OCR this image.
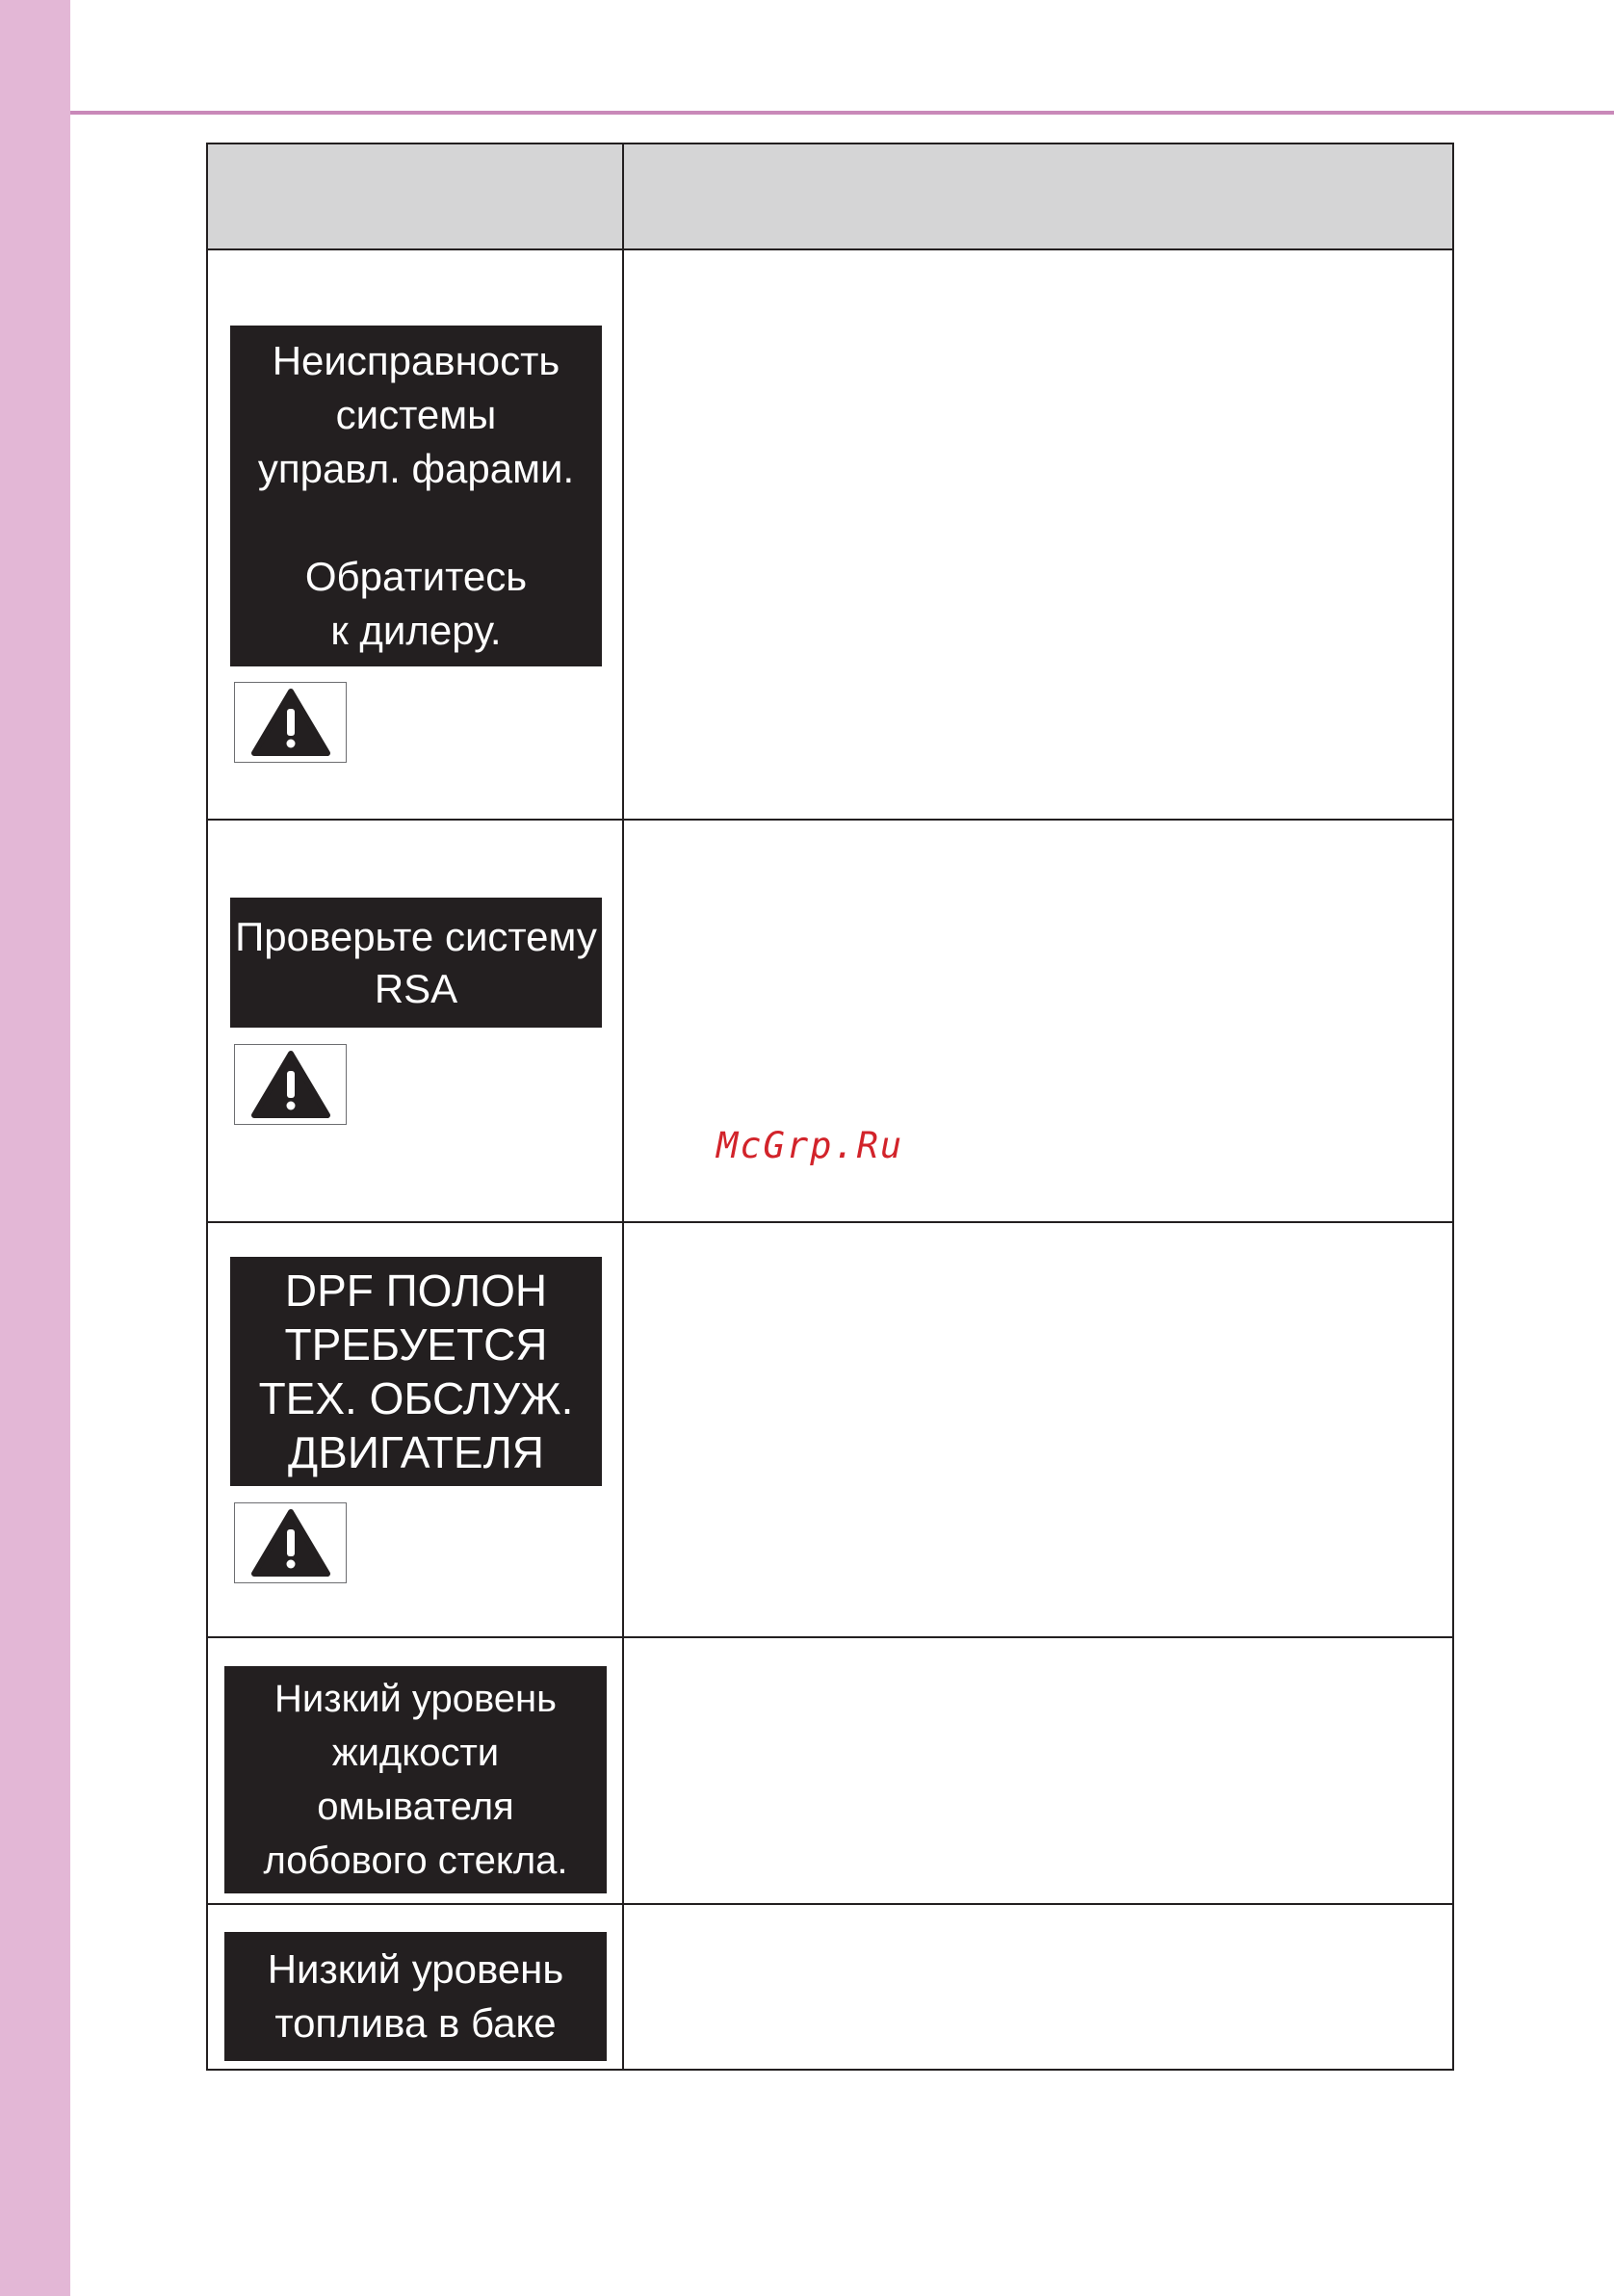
Неисправность
системы
управл. фарами.

Обратитесь
к дилеру.	

Проверьте систему
RSA	

DPF ПОЛОН
ТРЕБУЕТСЯ
ТЕХ. ОБСЛУЖ.
ДВИГАТЕЛЯ	

Низкий уровень
жидкости
омывателя
лобового стекла.	

Низкий уровень
топлива в баке	

McGrp.Ru
